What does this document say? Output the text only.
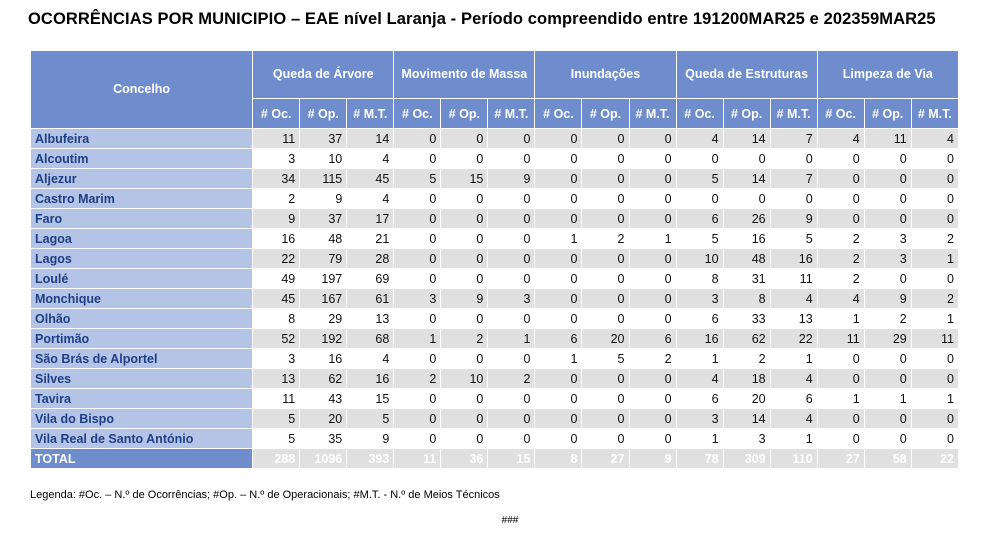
OCORRÊNCIAS POR MUNICIPIO – EAE nível Laranja - Período compreendido entre 191200MAR25 e 202359MAR25
Concelho	Queda de Árvore			Movimento de Massa			Inundações			Queda de Estruturas			Limpeza de Via		
	# Oc.	# Op.	# M.T.	# Oc.	# Op.	# M.T.	# Oc.	# Op.	# M.T.	# Oc.	# Op.	# M.T.	# Oc.	# Op.	# M.T.
Albufeira	11	37	14	0	0	0	0	0	0	4	14	7	4	11	4
Alcoutim	3	10	4	0	0	0	0	0	0	0	0	0	0	0	0
Aljezur	34	115	45	5	15	9	0	0	0	5	14	7	0	0	0
Castro Marim	2	9	4	0	0	0	0	0	0	0	0	0	0	0	0
Faro	9	37	17	0	0	0	0	0	0	6	26	9	0	0	0
Lagoa	16	48	21	0	0	0	1	2	1	5	16	5	2	3	2
Lagos	22	79	28	0	0	0	0	0	0	10	48	16	2	3	1
Loulé	49	197	69	0	0	0	0	0	0	8	31	11	2	0	0
Monchique	45	167	61	3	9	3	0	0	0	3	8	4	4	9	2
Olhão	8	29	13	0	0	0	0	0	0	6	33	13	1	2	1
Portimão	52	192	68	1	2	1	6	20	6	16	62	22	11	29	11
São Brás de Alportel	3	16	4	0	0	0	1	5	2	1	2	1	0	0	0
Silves	13	62	16	2	10	2	0	0	0	4	18	4	0	0	0
Tavira	11	43	15	0	0	0	0	0	0	6	20	6	1	1	1
Vila do Bispo	5	20	5	0	0	0	0	0	0	3	14	4	0	0	0
Vila Real de Santo António	5	35	9	0	0	0	0	0	0	1	3	1	0	0	0
TOTAL	288	1096	393	11	36	15	8	27	9	78	309	110	27	58	22
Legenda: #Oc. – N.º de Ocorrências; #Op. – N.º de Operacionais; #M.T. - N.º de Meios Técnicos
###
